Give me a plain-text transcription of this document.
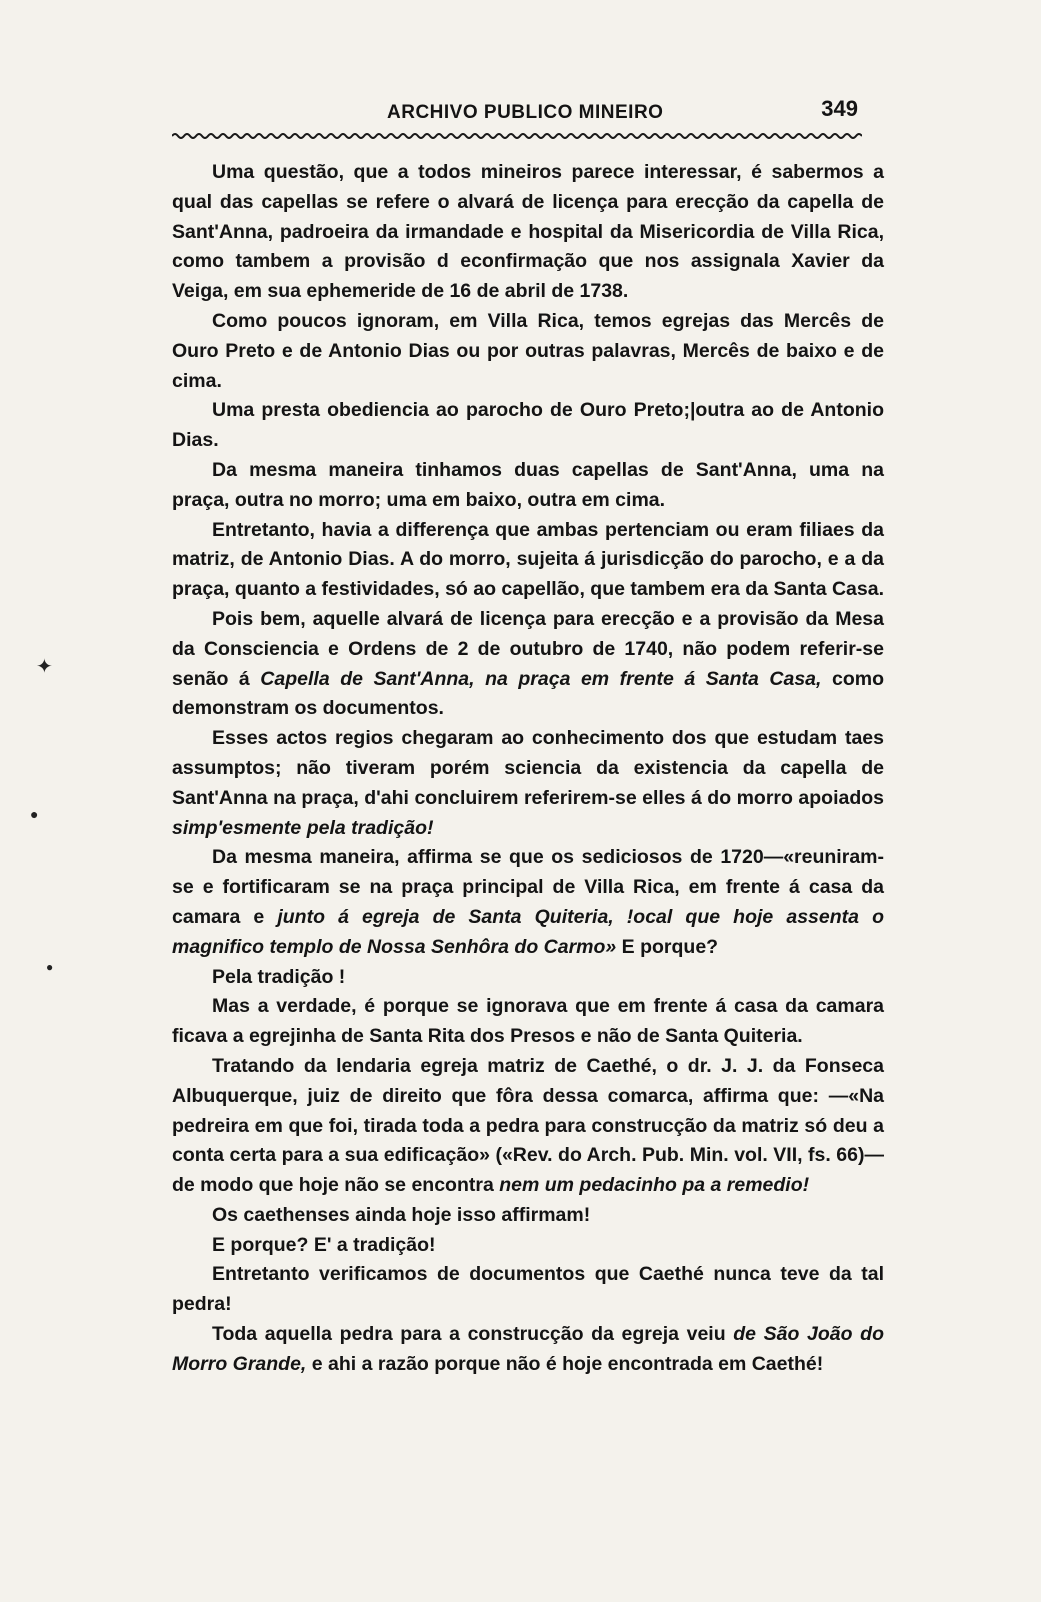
ARCHIVO PUBLICO MINEIRO	349

Uma questão, que a todos mineiros parece interessar, é sabermos a qual das capellas se refere o alvará de licença para erecção da capella de Sant'Anna, padroeira da irmandade e hospital da Misericordia de Villa Rica, como tambem a provisão d econfirmação que nos assignala Xavier da Veiga, em sua ephemeride de 16 de abril de 1738.

Como poucos ignoram, em Villa Rica, temos egrejas das Mercês de Ouro Preto e de Antonio Dias ou por outras palavras, Mercês de baixo e de cima.

Uma presta obediencia ao parocho de Ouro Preto;|outra ao de Antonio Dias.

Da mesma maneira tinhamos duas capellas de Sant'Anna, uma na praça, outra no morro; uma em baixo, outra em cima.

Entretanto, havia a differença que ambas pertenciam ou eram filiaes da matriz, de Antonio Dias. A do morro, sujeita á jurisdicção do parocho, e a da praça, quanto a festividades, só ao capellão, que tambem era da Santa Casa.

Pois bem, aquelle alvará de licença para erecção e a provisão da Mesa da Consciencia e Ordens de 2 de outubro de 1740, não podem referir-se senão á Capella de Sant'Anna, na praça em frente á Santa Casa, como demonstram os documentos.

Esses actos regios chegaram ao conhecimento dos que estudam taes assumptos; não tiveram porém sciencia da existencia da capella de Sant'Anna na praça, d'ahi concluirem referirem-se elles á do morro apoiados simp'esmente pela tradição!

Da mesma maneira, affirma se que os sediciosos de 1720—«reuniram-se e fortificaram se na praça principal de Villa Rica, em frente á casa da camara e junto á egreja de Santa Quiteria, !ocal que hoje assenta o magnifico templo de Nossa Senhôra do Carmo» E porque?

Pela tradição !

Mas a verdade, é porque se ignorava que em frente á casa da camara ficava a egrejinha de Santa Rita dos Presos e não de Santa Quiteria.

Tratando da lendaria egreja matriz de Caethé, o dr. J. J. da Fonseca Albuquerque, juiz de direito que fôra dessa comarca, affirma que: —«Na pedreira em que foi, tirada toda a pedra para construcção da matriz só deu a conta certa para a sua edificação» («Rev. do Arch. Pub. Min. vol. VII, fs. 66)—de modo que hoje não se encontra nem um pedacinho pa a remedio!

Os caethenses ainda hoje isso affirmam!

E porque? E' a tradição!

Entretanto verificamos de documentos que Caethé nunca teve da tal pedra!

Toda aquella pedra para a construcção da egreja veiu de São João do Morro Grande, e ahi a razão porque não é hoje encontrada em Caethé!

✦
●
●
